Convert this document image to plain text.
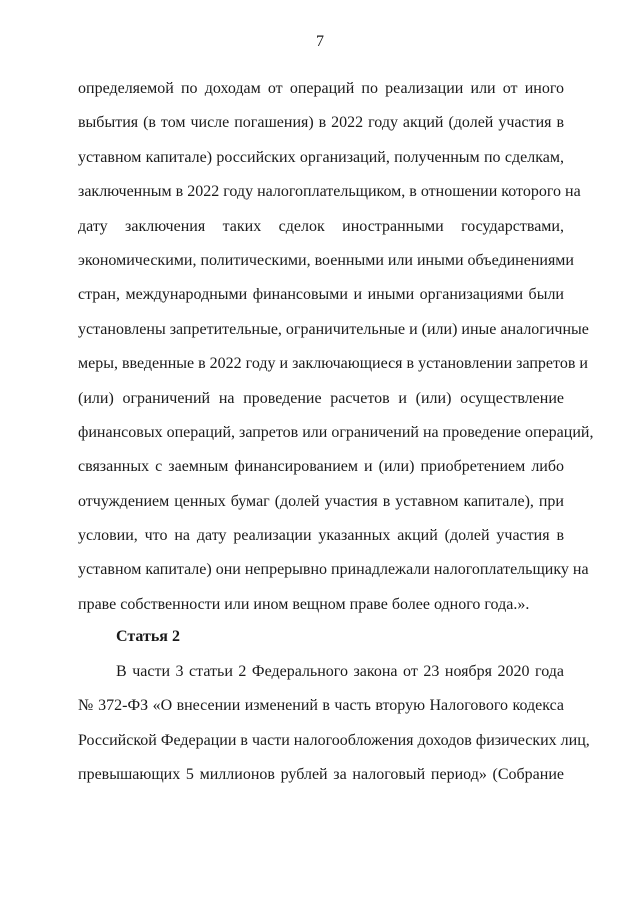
7
определяемой по доходам от операций по реализации или от иного
выбытия (в том числе погашения) в 2022 году акций (долей участия в
уставном капитале) российских организаций, полученным по сделкам,
заключенным в 2022 году налогоплательщиком, в отношении которого на
дату заключения таких сделок иностранными государствами,
экономическими, политическими, военными или иными объединениями
стран, международными финансовыми и иными организациями были
установлены запретительные, ограничительные и (или) иные аналогичные
меры, введенные в 2022 году и заключающиеся в установлении запретов и
(или) ограничений на проведение расчетов и (или) осуществление
финансовых операций, запретов или ограничений на проведение операций,
связанных с заемным финансированием и (или) приобретением либо
отчуждением ценных бумаг (долей участия в уставном капитале), при
условии, что на дату реализации указанных акций (долей участия в
уставном капитале) они непрерывно принадлежали налогоплательщику на
праве собственности или ином вещном праве более одного года.».
Статья 2
В части 3 статьи 2 Федерального закона от 23 ноября 2020 года
№ 372-ФЗ «О внесении изменений в часть вторую Налогового кодекса
Российской Федерации в части налогообложения доходов физических лиц,
превышающих 5 миллионов рублей за налоговый период» (Собрание
